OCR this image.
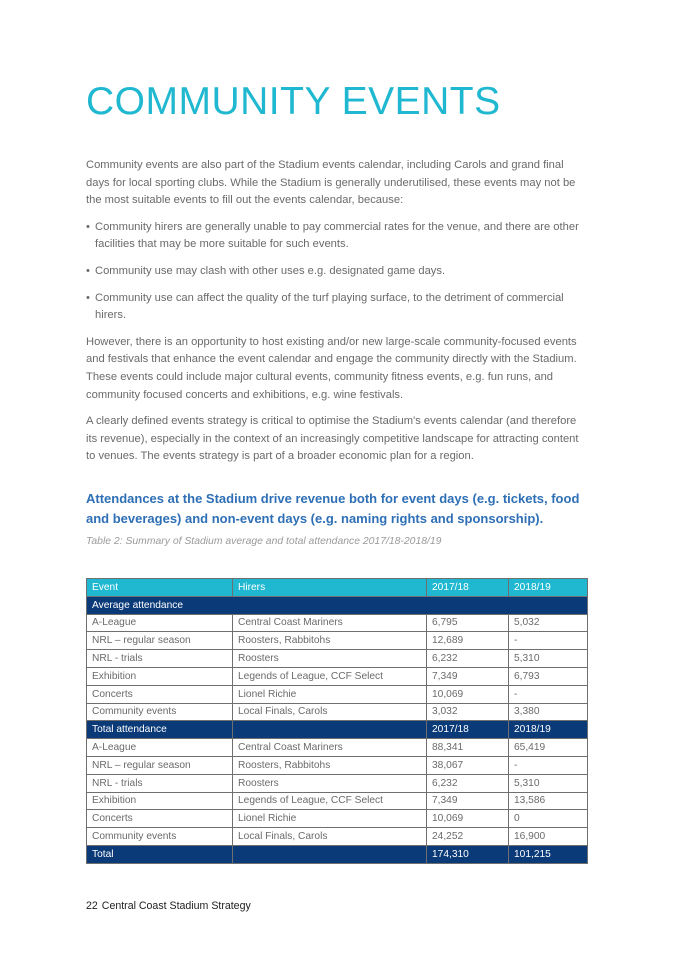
COMMUNITY EVENTS

Community events are also part of the Stadium events calendar, including Carols and grand final days for local sporting clubs. While the Stadium is generally underutilised, these events may not be the most suitable events to fill out the events calendar, because:

• Community hirers are generally unable to pay commercial rates for the venue, and there are other facilities that may be more suitable for such events.
• Community use may clash with other uses e.g. designated game days.
• Community use can affect the quality of the turf playing surface, to the detriment of commercial hirers.

However, there is an opportunity to host existing and/or new large-scale community-focused events and festivals that enhance the event calendar and engage the community directly with the Stadium. These events could include major cultural events, community fitness events, e.g. fun runs, and community focused concerts and exhibitions, e.g. wine festivals.

A clearly defined events strategy is critical to optimise the Stadium's events calendar (and therefore its revenue), especially in the context of an increasingly competitive landscape for attracting content to venues. The events strategy is part of a broader economic plan for a region.

Attendances at the Stadium drive revenue both for event days (e.g. tickets, food and beverages) and non-event days (e.g. naming rights and sponsorship).

Table 2: Summary of Stadium average and total attendance 2017/18-2018/19

Event	Hirers	2017/18	2018/19
Average attendance			
A-League	Central Coast Mariners	6,795	5,032
NRL – regular season	Roosters, Rabbitohs	12,689	-
NRL - trials	Roosters	6,232	5,310
Exhibition	Legends of League, CCF Select	7,349	6,793
Concerts	Lionel Richie	10,069	-
Community events	Local Finals, Carols	3,032	3,380
Total attendance		2017/18	2018/19
A-League	Central Coast Mariners	88,341	65,419
NRL – regular season	Roosters, Rabbitohs	38,067	-
NRL - trials	Roosters	6,232	5,310
Exhibition	Legends of League, CCF Select	7,349	13,586
Concerts	Lionel Richie	10,069	0
Community events	Local Finals, Carols	24,252	16,900
Total		174,310	101,215
22 Central Coast Stadium Strategy
